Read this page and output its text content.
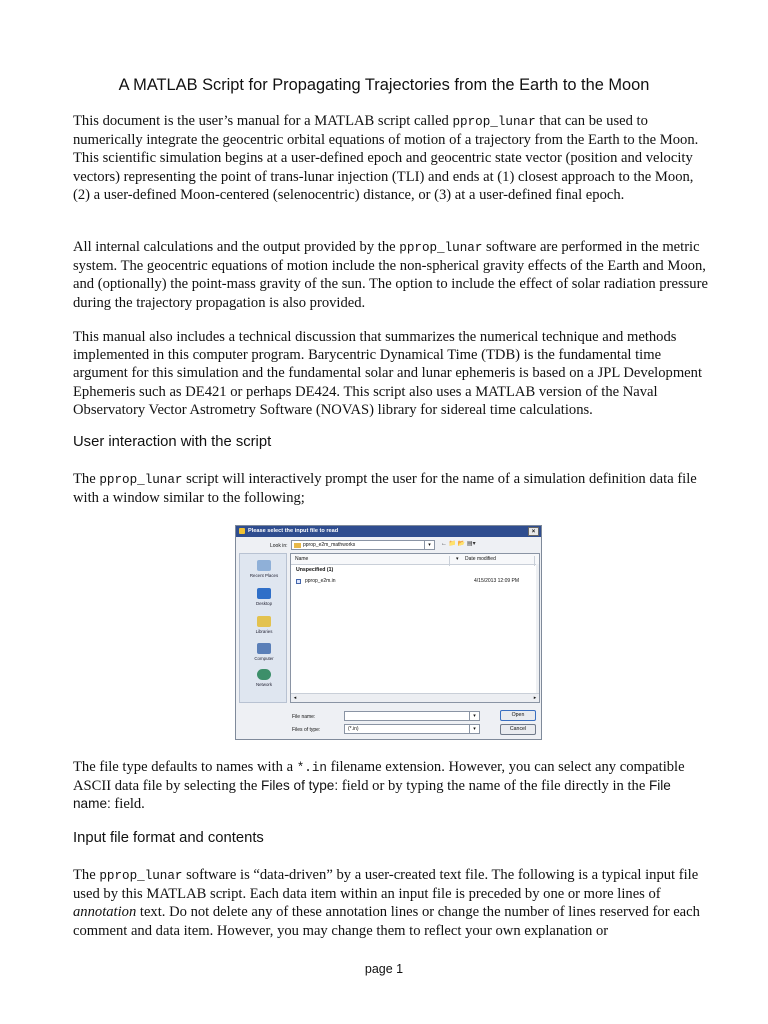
A MATLAB Script for Propagating Trajectories from the Earth to the Moon

This document is the user’s manual for a MATLAB script called pprop_lunar that can be used to numerically integrate the geocentric orbital equations of motion of a trajectory from the Earth to the Moon. This scientific simulation begins at a user-defined epoch and geocentric state vector (position and velocity vectors) representing the point of trans-lunar injection (TLI) and ends at (1) closest approach to the Moon, (2) a user-defined Moon-centered (selenocentric) distance, or (3) at a user-defined final epoch.

All internal calculations and the output provided by the pprop_lunar software are performed in the metric system. The geocentric equations of motion include the non-spherical gravity effects of the Earth and Moon, and (optionally) the point-mass gravity of the sun. The option to include the effect of solar radiation pressure during the trajectory propagation is also provided.

This manual also includes a technical discussion that summarizes the numerical technique and methods implemented in this computer program. Barycentric Dynamical Time (TDB) is the fundamental time argument for this simulation and the fundamental solar and lunar ephemeris is based on a JPL Development Ephemeris such as DE421 or perhaps DE424. This script also uses a MATLAB version of the Naval Observatory Vector Astrometry Software (NOVAS) library for sidereal time calculations.

User interaction with the script

The pprop_lunar script will interactively prompt the user for the name of a simulation definition data file with a window similar to the following;

Please select the input file to read	×
Look in:	pprop_e2m_mathworks	▾	← 📁 📂 ▤▾
Recent Places
Desktop
Libraries
Computer
Network
Name	▾ Date modified
Unspecified (1)
pprop_e2m.in	4/15/2013 12:09 PM
◂	▸
File name:	▾	Open
Files of type:	(*.in)	▾	Cancel

The file type defaults to names with a *.in filename extension. However, you can select any compatible ASCII data file by selecting the Files of type: field or by typing the name of the file directly in the File name: field.

Input file format and contents

The pprop_lunar software is “data-driven” by a user-created text file. The following is a typical input file used by this MATLAB script. Each data item within an input file is preceded by one or more lines of annotation text. Do not delete any of these annotation lines or change the number of lines reserved for each comment and data item. However, you may change them to reflect your own explanation or

page 1
